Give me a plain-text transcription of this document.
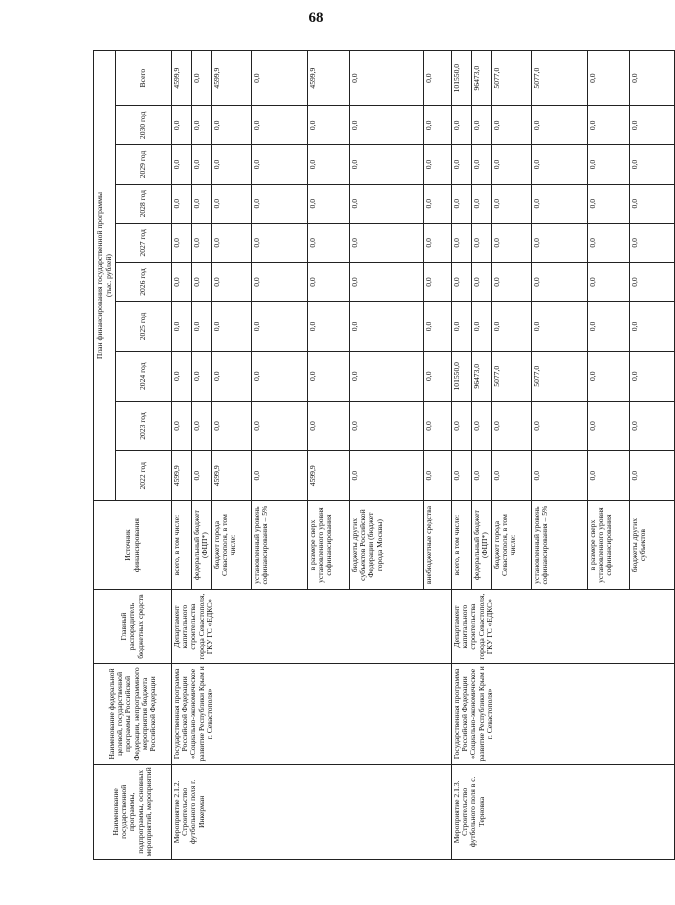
68
Наименование государственной программы, подпрограммы, основных мероприятий, мероприятий	Наименование федеральной целевой, государственной программы Российской Федерации, непрограммного мероприятия бюджета Российской Федерации	Главный распорядитель бюджетных средств	Источник финансирования	План финансирования государственной программы (тыс. рублей)									

				2022 год	2023 год	2024 год	2025 год	2026 год	2027 год	2028 год	2029 год	2030 год	Всего
Мероприятие 2.1.2. Строительство футбольного поля г. Инкерман	Государственная программа Российской Федерации «Социально-экономическое развитие Республики Крым и г. Севастополя»	Департамент капитального строительства города Севастополя, ГКУ ГС «ЕДКС»	всего, в том числе:	4599,9	0,0	0,0	0,0	0,0	0,0	0,0	0,0	0,0	4599,9
			федеральный бюджет (ФЦП*)	0,0	0,0	0,0	0,0	0,0	0,0	0,0	0,0	0,0	0,0
			бюджет города Севастополя, в том числе:	4599,9	0,0	0,0	0,0	0,0	0,0	0,0	0,0	0,0	4599,9
			установленный уровень софинансирования – 5%	0,0	0,0	0,0	0,0	0,0	0,0	0,0	0,0	0,0	0,0
			в размере сверх установленного уровня софинансирования	4599,9	0,0	0,0	0,0	0,0	0,0	0,0	0,0	0,0	4599,9
			бюджеты других субъектов Российской Федерации (бюджет города Москвы)	0,0	0,0	0,0	0,0	0,0	0,0	0,0	0,0	0,0	0,0
			внебюджетные средства	0,0	0,0	0,0	0,0	0,0	0,0	0,0	0,0	0,0	0,0
Мероприятие 2.1.3. Строительство футбольного поля в с. Терновка	Государственная программа Российской Федерации «Социально-экономическое развитие Республики Крым и г. Севастополя»	Департамент капитального строительства города Севастополя, ГКУ ГС «ЕДКС»	всего, в том числе:	0,0	0,0	101550,0	0,0	0,0	0,0	0,0	0,0	0,0	101550,0
			федеральный бюджет (ФЦП*)	0,0	0,0	96473,0	0,0	0,0	0,0	0,0	0,0	0,0	96473,0
			бюджет города Севастополя, в том числе:	0,0	0,0	5077,0	0,0	0,0	0,0	0,0	0,0	0,0	5077,0
			установленный уровень софинансирования – 5%	0,0	0,0	5077,0	0,0	0,0	0,0	0,0	0,0	0,0	5077,0
			в размере сверх установленного уровня софинансирования	0,0	0,0	0,0	0,0	0,0	0,0	0,0	0,0	0,0	0,0
			бюджеты других субъектов	0,0	0,0	0,0	0,0	0,0	0,0	0,0	0,0	0,0	0,0
